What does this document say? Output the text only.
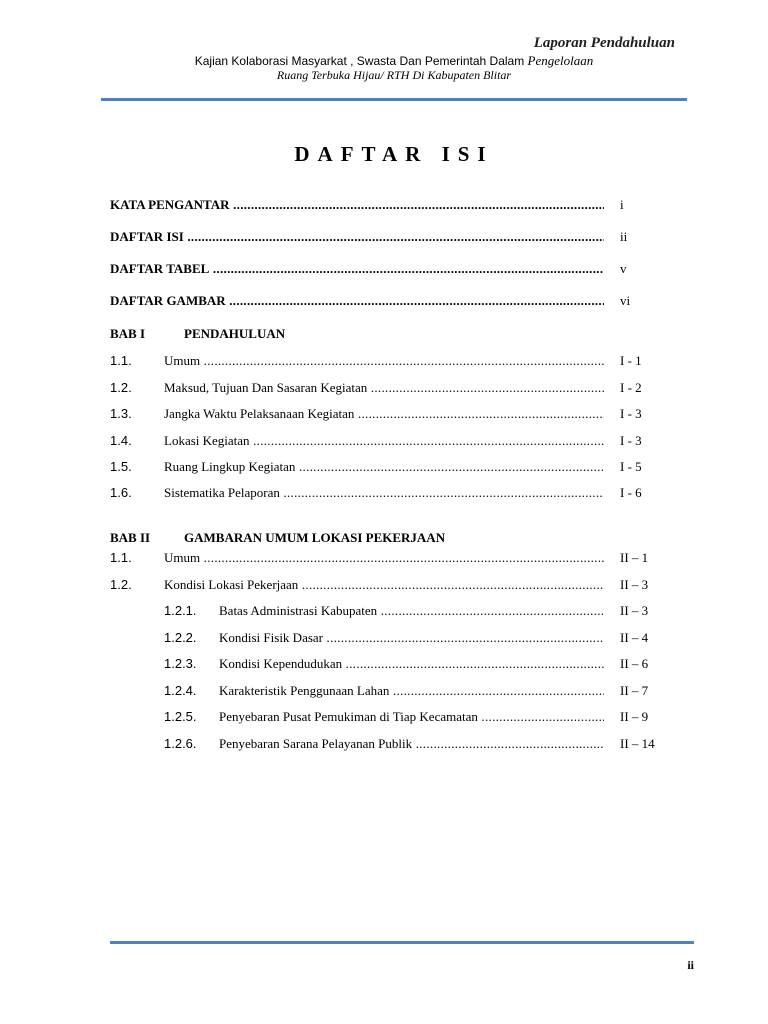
Laporan Pendahuluan
Kajian Kolaborasi Masyarkat , Swasta Dan Pemerintah Dalam Pengelolaan
Ruang Terbuka Hijau/ RTH Di Kabupaten Blitar
DAFTAR ISI
KATA PENGANTAR .....	i
DAFTAR ISI .....	ii
DAFTAR TABEL .....	v
DAFTAR GAMBAR .....	vi
BAB I	PENDAHULUAN
1.1. Umum .....	I - 1
1.2. Maksud, Tujuan Dan Sasaran Kegiatan .....	I - 2
1.3. Jangka Waktu Pelaksanaan Kegiatan .....	I - 3
1.4. Lokasi Kegiatan .....	I - 3
1.5. Ruang Lingkup Kegiatan .....	I - 5
1.6. Sistematika Pelaporan .....	I - 6
BAB II	GAMBARAN UMUM LOKASI PEKERJAAN
1.1. Umum .....	II – 1
1.2. Kondisi Lokasi Pekerjaan .....	II – 3
1.2.1. Batas Administrasi Kabupaten .....	II – 3
1.2.2. Kondisi Fisik Dasar .....	II – 4
1.2.3. Kondisi Kependudukan .....	II – 6
1.2.4. Karakteristik Penggunaan Lahan .....	II – 7
1.2.5. Penyebaran Pusat Pemukiman di Tiap Kecamatan .....	II – 9
1.2.6. Penyebaran Sarana Pelayanan Publik .....	II – 14
ii
